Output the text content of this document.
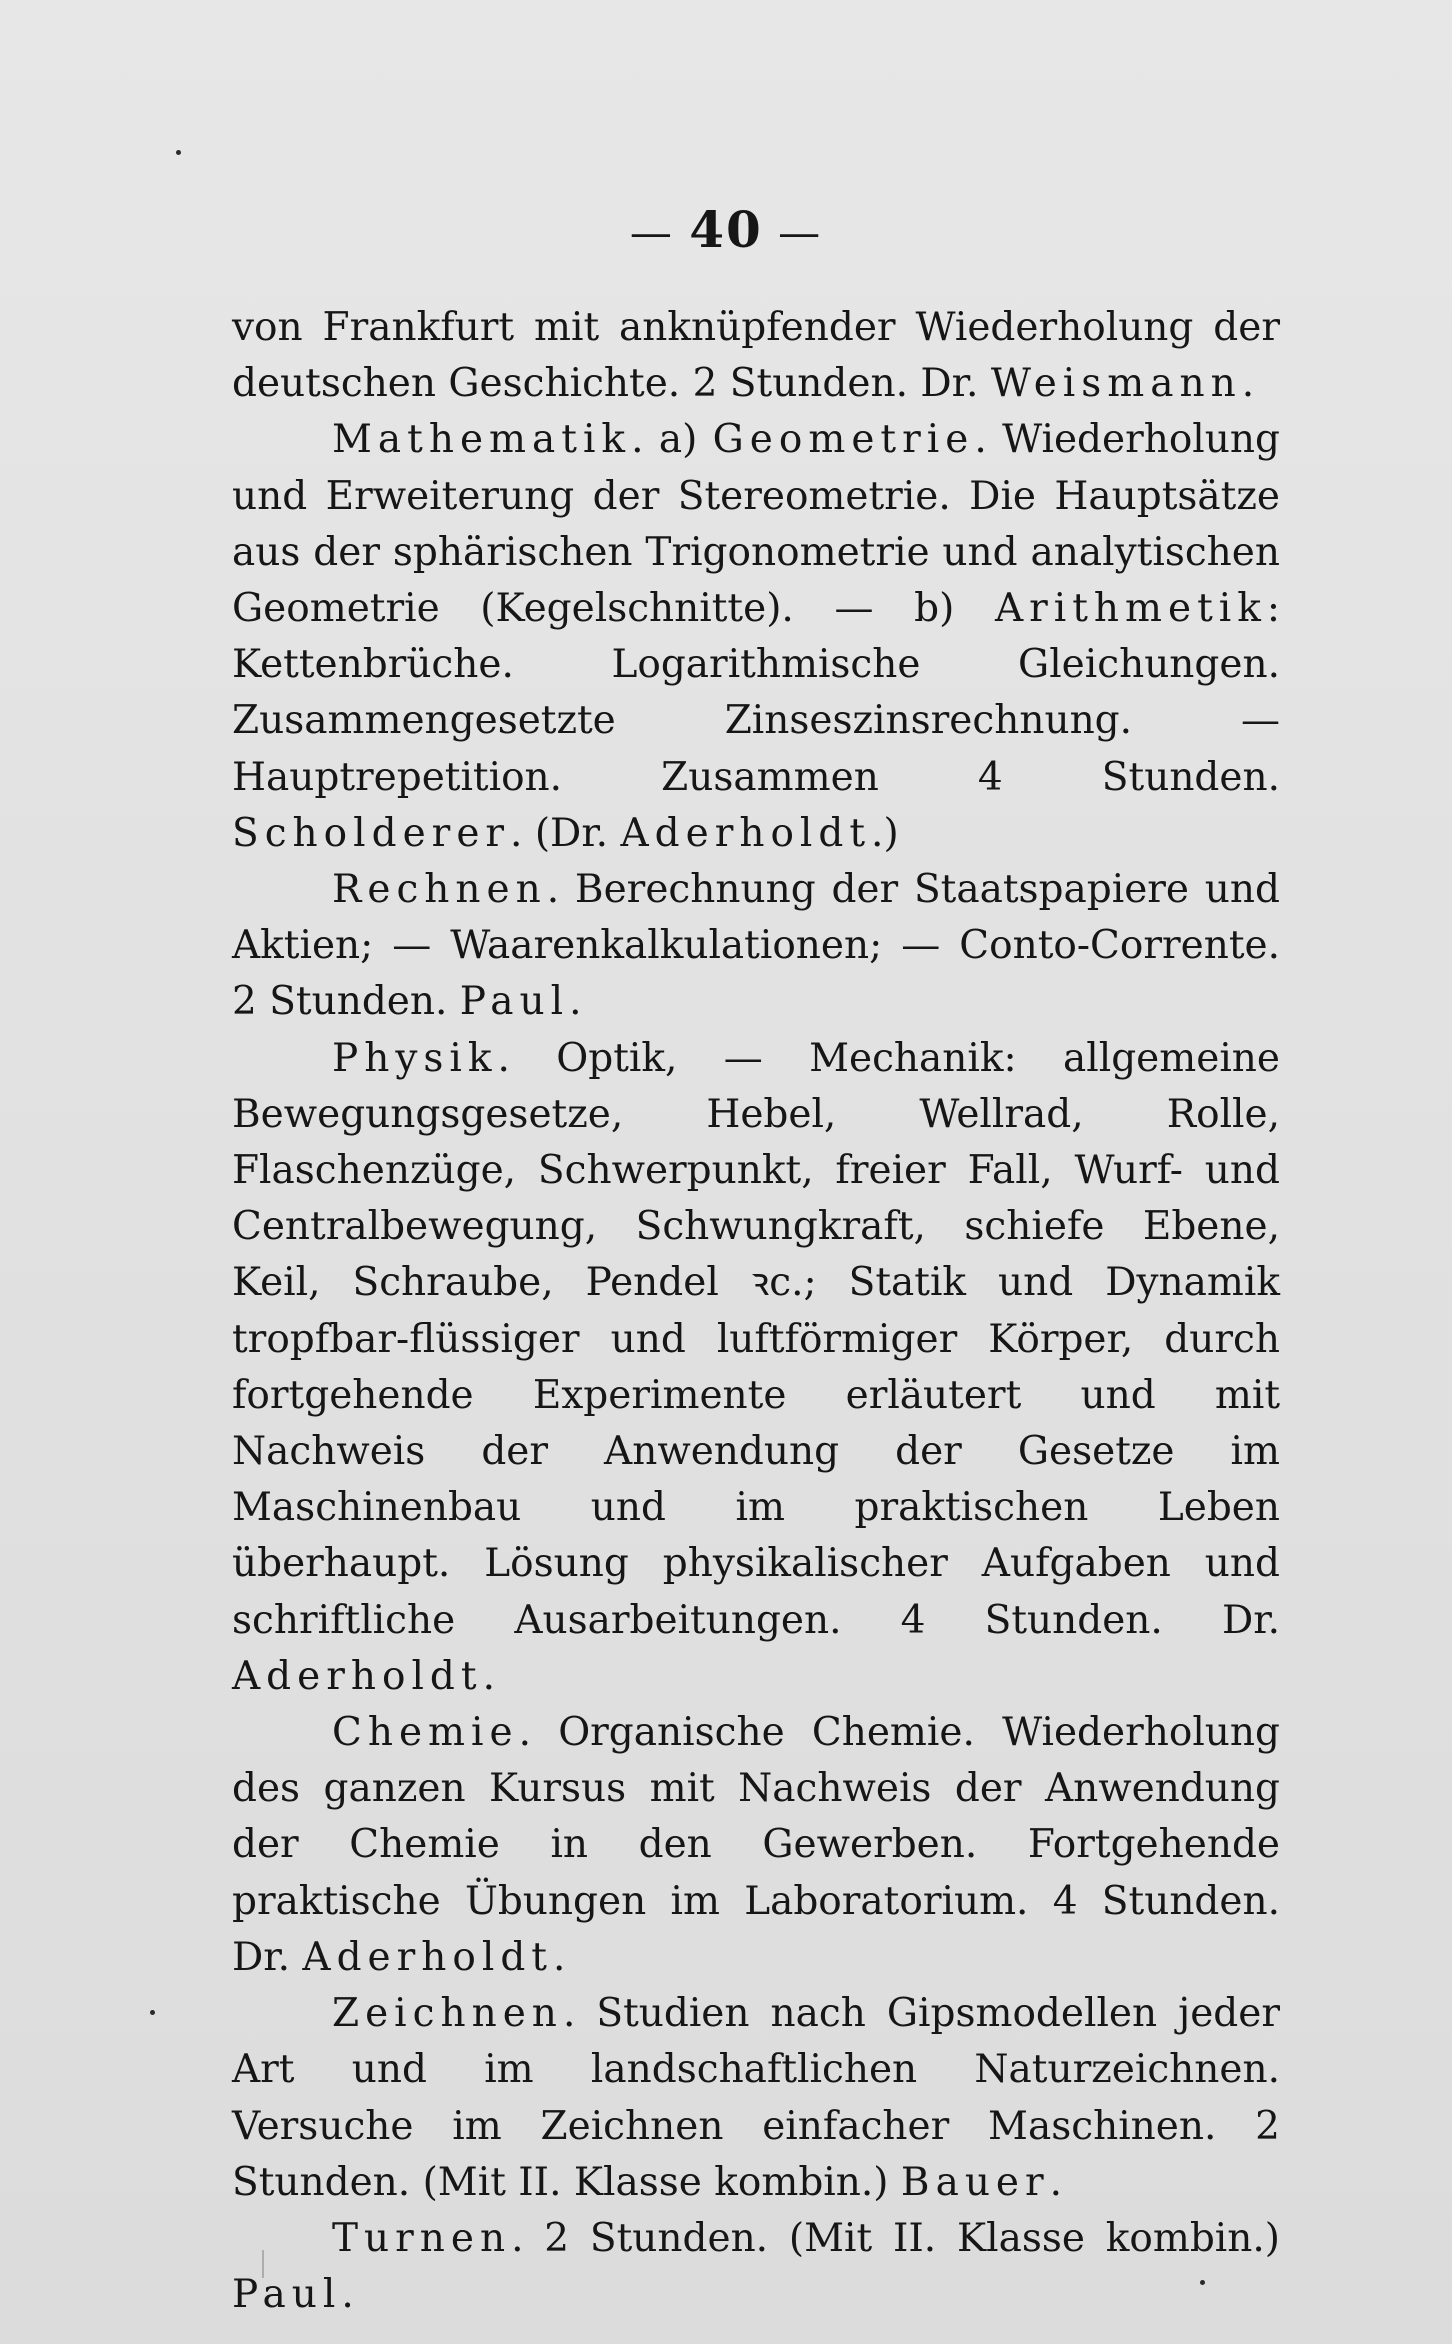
— 40 —

von Frankfurt mit anknüpfender Wiederholung der deutschen Geschichte. 2 Stunden. Dr. Weismann.

Mathematik. a) Geometrie. Wiederholung und Erweiterung der Stereometrie. Die Hauptsätze aus der sphärischen Trigonometrie und analytischen Geometrie (Kegelschnitte). — b) Arithmetik: Kettenbrüche. Logarithmische Gleichungen. Zusammengesetzte Zinseszinsrechnung. — Hauptrepetition. Zusammen 4 Stunden. Scholderer. (Dr. Aderholdt.)

Rechnen. Berechnung der Staatspapiere und Aktien; — Waarenkalkulationen; — Conto-Corrente. 2 Stunden. Paul.

Physik. Optik, — Mechanik: allgemeine Bewegungsgesetze, Hebel, Wellrad, Rolle, Flaschenzüge, Schwerpunkt, freier Fall, Wurf- und Centralbewegung, Schwungkraft, schiefe Ebene, Keil, Schraube, Pendel ꝛc.; Statik und Dynamik tropfbar-flüssiger und luftförmiger Körper, durch fortgehende Experimente erläutert und mit Nachweis der Anwendung der Gesetze im Maschinenbau und im praktischen Leben überhaupt. Lösung physikalischer Aufgaben und schriftliche Ausarbeitungen. 4 Stunden. Dr. Aderholdt.

Chemie. Organische Chemie. Wiederholung des ganzen Kursus mit Nachweis der Anwendung der Chemie in den Gewerben. Fortgehende praktische Übungen im Laboratorium. 4 Stunden. Dr. Aderholdt.

Zeichnen. Studien nach Gipsmodellen jeder Art und im landschaftlichen Naturzeichnen. Versuche im Zeichnen einfacher Maschinen. 2 Stunden. (Mit II. Klasse kombin.) Bauer.

Turnen. 2 Stunden. (Mit II. Klasse kombin.) Paul.
